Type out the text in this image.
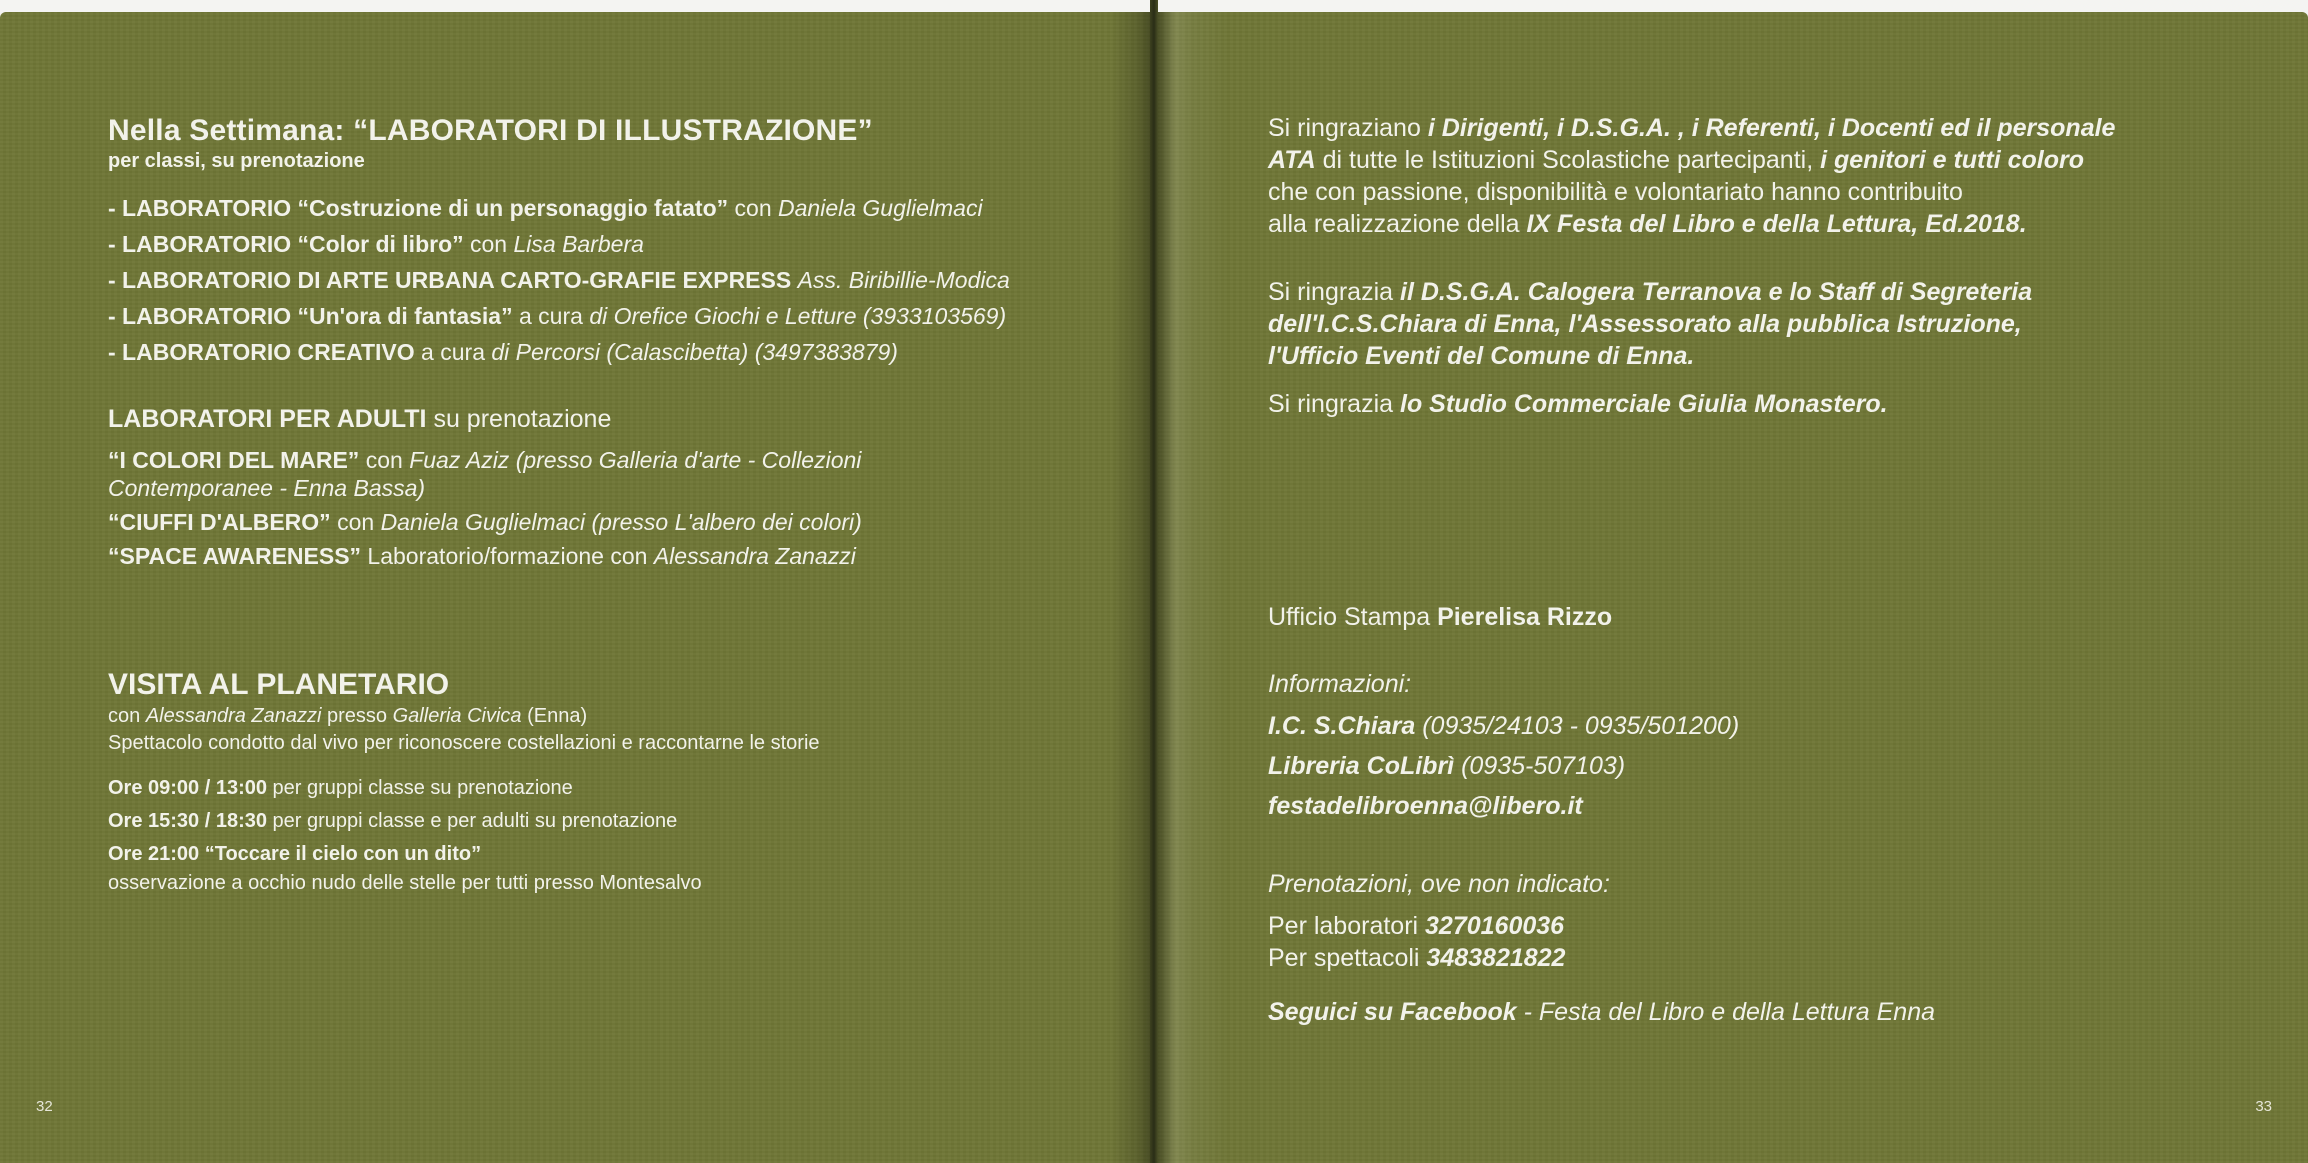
Nella Settimana: “LABORATORI DI ILLUSTRAZIONE”
per classi, su prenotazione
- LABORATORIO “Costruzione di un personaggio fatato” con Daniela Guglielmaci
- LABORATORIO “Color di libro” con Lisa Barbera
- LABORATORIO DI ARTE URBANA CARTO-GRAFIE EXPRESS Ass. Biribillie-Modica
- LABORATORIO “Un'ora di fantasia” a cura di Orefice Giochi e Letture (3933103569)
- LABORATORIO CREATIVO a cura di Percorsi (Calascibetta) (3497383879)
LABORATORI PER ADULTI su prenotazione
“I COLORI DEL MARE” con Fuaz Aziz (presso Galleria d'arte - Collezioni
Contemporanee - Enna Bassa)
“CIUFFI D'ALBERO” con Daniela Guglielmaci (presso L'albero dei colori)
“SPACE AWARENESS” Laboratorio/formazione con Alessandra Zanazzi
VISITA AL PLANETARIO
con Alessandra Zanazzi presso Galleria Civica (Enna)
Spettacolo condotto dal vivo per riconoscere costellazioni e raccontarne le storie
Ore 09:00 / 13:00 per gruppi classe su prenotazione
Ore 15:30 / 18:30 per gruppi classe e per adulti su prenotazione
Ore 21:00 “Toccare il cielo con un dito”
osservazione a occhio nudo delle stelle per tutti presso Montesalvo
32
Si ringraziano i Dirigenti, i D.S.G.A. , i Referenti, i Docenti ed il personale
ATA di tutte le Istituzioni Scolastiche partecipanti, i genitori e tutti coloro
che con passione, disponibilità e volontariato hanno contribuito
alla realizzazione della IX Festa del Libro e della Lettura, Ed.2018.
Si ringrazia il D.S.G.A. Calogera Terranova e lo Staff di Segreteria
dell'I.C.S.Chiara di Enna, l'Assessorato alla pubblica Istruzione,
l'Ufficio Eventi del Comune di Enna.
Si ringrazia lo Studio Commerciale Giulia Monastero.
Ufficio Stampa Pierelisa Rizzo
Informazioni:
I.C. S.Chiara (0935/24103 - 0935/501200)
Libreria CoLibrì (0935-507103)
festadelibroenna@libero.it
Prenotazioni, ove non indicato:
Per laboratori 3270160036
Per spettacoli 3483821822
Seguici su Facebook - Festa del Libro e della Lettura Enna
33
